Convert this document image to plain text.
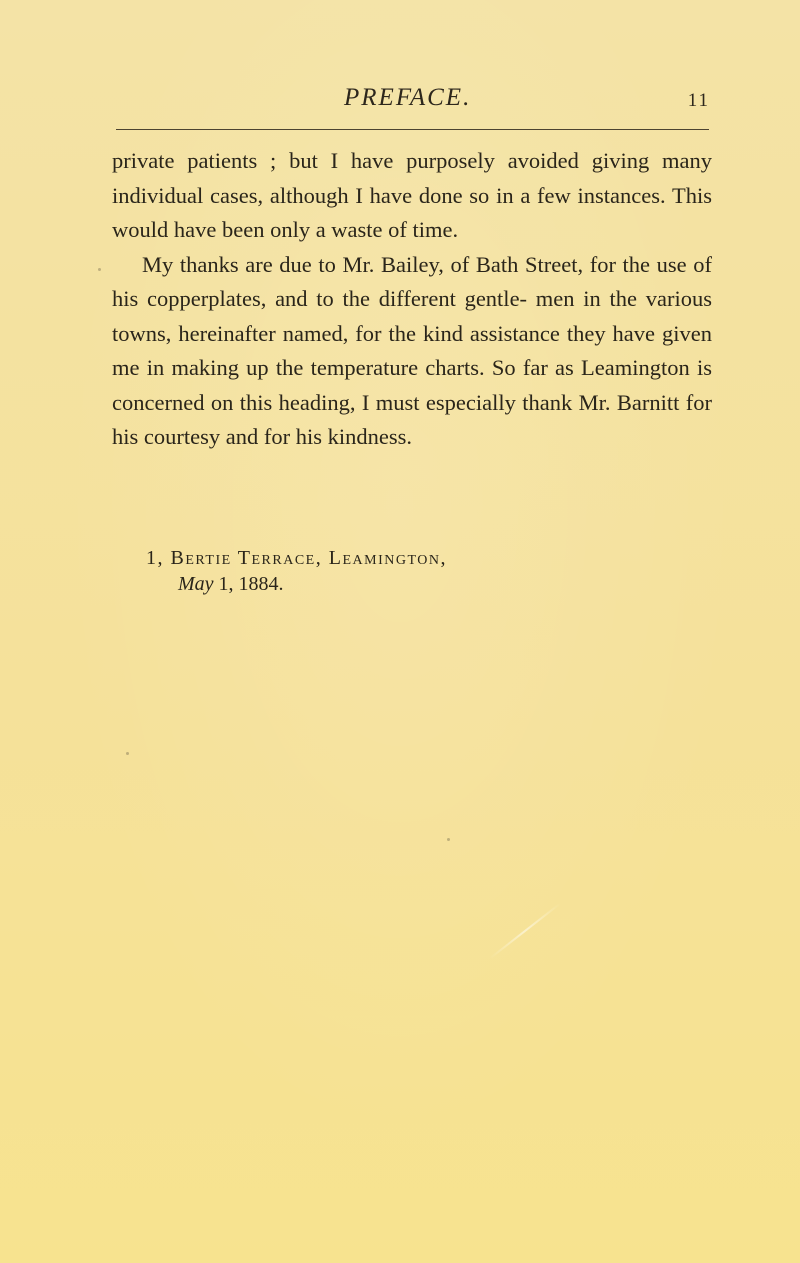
PREFACE.	11

private patients ; but I have purposely avoided giving many individual cases, although I have done so in a few instances. This would have been only a waste of time.

My thanks are due to Mr. Bailey, of Bath Street, for the use of his copperplates, and to the different gentle- men in the various towns, hereinafter named, for the kind assistance they have given me in making up the temperature charts. So far as Leamington is concerned on this heading, I must especially thank Mr. Barnitt for his courtesy and for his kindness.

1, Bertie Terrace, Leamington,
May 1, 1884.
